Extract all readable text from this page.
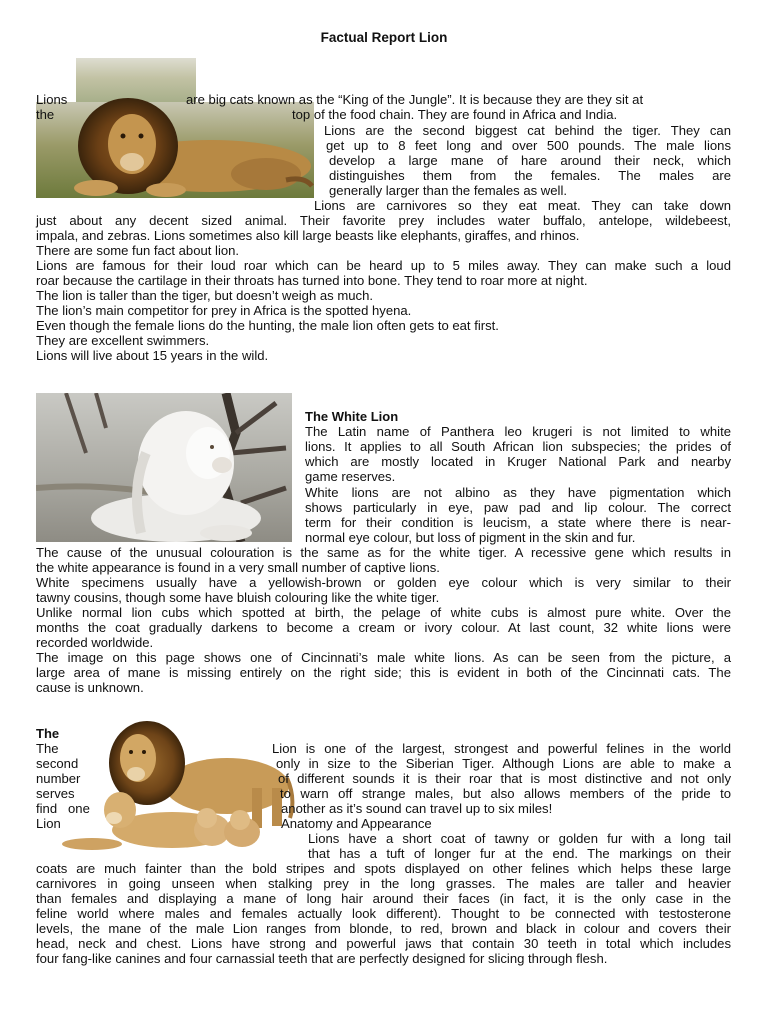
Factual Report Lion
Lions	are big cats known as the “King of the Jungle”. It is because they are they sit at
the	top of the food chain. They are found in Africa and India.
Lions are the second biggest cat behind the tiger. They can
get up to 8 feet long and over 500 pounds. The male lions
develop a large mane of hare around their neck, which
distinguishes them from the females. The males are
generally larger than the females as well.
Lions are carnivores so they eat meat. They can take down
just about any decent sized animal. Their favorite prey includes water buffalo, antelope, wildebeest,
impala, and zebras. Lions sometimes also kill large beasts like elephants, giraffes, and rhinos.
There are some fun fact about lion.
Lions are famous for their loud roar which can be heard up to 5 miles away. They can make such a loud
roar because the cartilage in their throats has turned into bone. They tend to roar more at night.
The lion is taller than the tiger, but doesn’t weigh as much.
The lion’s main competitor for prey in Africa is the spotted hyena.
Even though the female lions do the hunting, the male lion often gets to eat first.
They are excellent swimmers.
Lions will live about 15 years in the wild.
The White Lion
The Latin name of Panthera leo krugeri is not limited to white
lions. It applies to all South African lion subspecies; the prides of
which are mostly located in Kruger National Park and nearby
game reserves.
White lions are not albino as they have pigmentation which
shows particularly in eye, paw pad and lip colour. The correct
term for their condition is leucism, a state where there is near-
normal eye colour, but loss of pigment in the skin and fur.
The cause of the unusual colouration is the same as for the white tiger. A recessive gene which results in
the white appearance is found in a very small number of captive lions.
White specimens usually have a yellowish-brown or golden eye colour which is very similar to their
tawny cousins, though some have bluish colouring like the white tiger.
Unlike normal lion cubs which spotted at birth, the pelage of white cubs is almost pure white. Over the
months the coat gradually darkens to become a cream or ivory colour. At last count, 32 white lions were
recorded worldwide.
The image on this page shows one of Cincinnati’s male white lions. As can be seen from the picture, a
large area of mane is missing entirely on the right side; this is evident in both of the Cincinnati cats. The
cause is unknown.
The
The
second
number
serves
find   one
Lion
Lion is one of the largest, strongest and powerful felines in the world
only in size to the Siberian Tiger. Although Lions are able to make a
of different sounds it is their roar that is most distinctive and not only
to warn off strange males, but also allows members of the pride to
another as it’s sound can travel up to six miles!
Anatomy and Appearance
Lions have a short coat of tawny or golden fur with a long tail
that has a tuft of longer fur at the end. The markings on their
coats are much fainter than the bold stripes and spots displayed on other felines which helps these large
carnivores in going unseen when stalking prey in the long grasses. The males are taller and heavier
than females and displaying a mane of long hair around their faces (in fact, it is the only case in the
feline world where males and females actually look different). Thought to be connected with testosterone
levels, the mane of the male Lion ranges from blonde, to red, brown and black in colour and covers their
head, neck and chest. Lions have strong and powerful jaws that contain 30 teeth in total which includes
four fang-like canines and four carnassial teeth that are perfectly designed for slicing through flesh.
